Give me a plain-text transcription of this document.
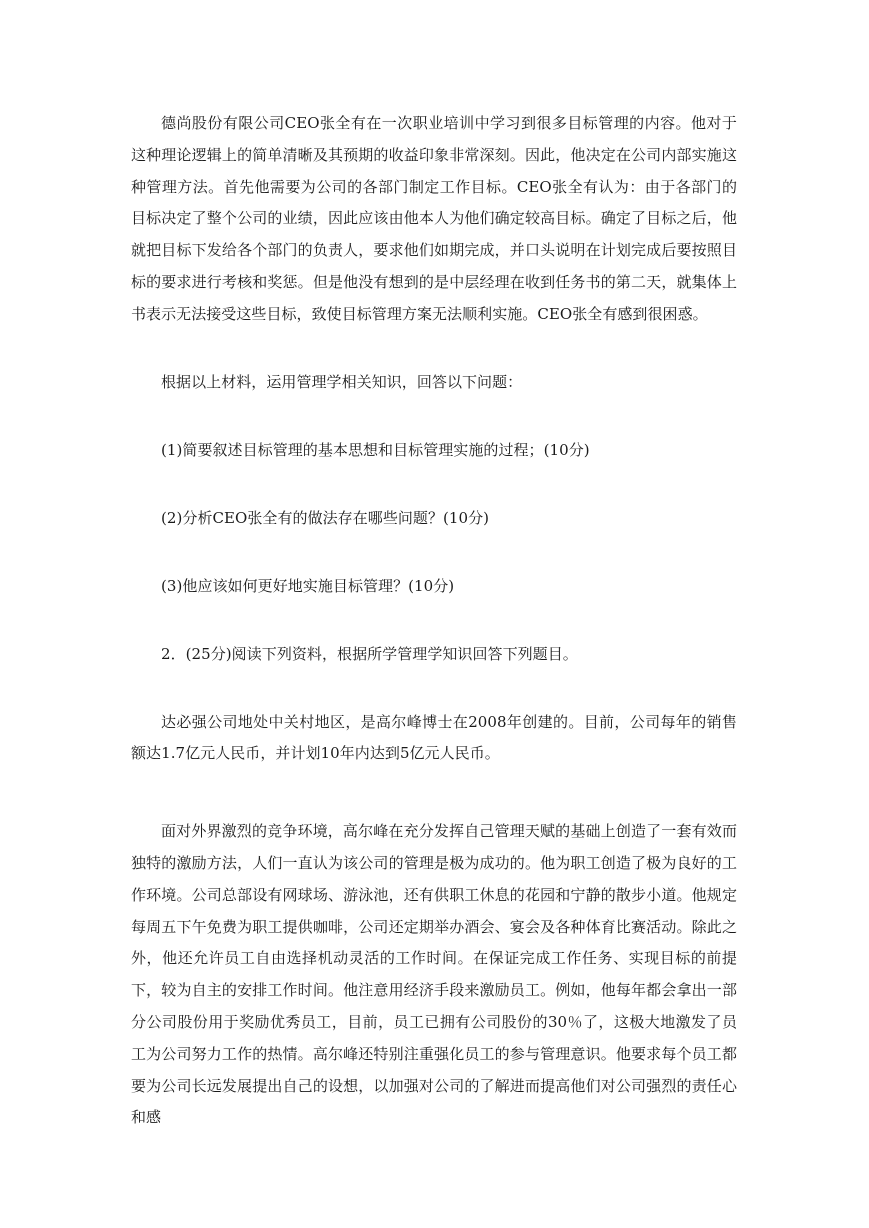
德尚股份有限公司CEO张全有在一次职业培训中学习到很多目标管理的内容。他对于这种理论逻辑上的简单清晰及其预期的收益印象非常深刻。因此，他决定在公司内部实施这种管理方法。首先他需要为公司的各部门制定工作目标。CEO张全有认为：由于各部门的目标决定了整个公司的业绩，因此应该由他本人为他们确定较高目标。确定了目标之后，他就把目标下发给各个部门的负责人，要求他们如期完成，并口头说明在计划完成后要按照目标的要求进行考核和奖惩。但是他没有想到的是中层经理在收到任务书的第二天，就集体上书表示无法接受这些目标，致使目标管理方案无法顺利实施。CEO张全有感到很困惑。

根据以上材料，运用管理学相关知识，回答以下问题：

(1)简要叙述目标管理的基本思想和目标管理实施的过程；(10分)

(2)分析CEO张全有的做法存在哪些问题？(10分)

(3)他应该如何更好地实施目标管理？(10分)

2．(25分)阅读下列资料，根据所学管理学知识回答下列题目。

达必强公司地处中关村地区，是高尔峰博士在2008年创建的。目前，公司每年的销售额达1.7亿元人民币，并计划10年内达到5亿元人民币。

面对外界激烈的竞争环境，高尔峰在充分发挥自己管理天赋的基础上创造了一套有效而独特的激励方法，人们一直认为该公司的管理是极为成功的。他为职工创造了极为良好的工作环境。公司总部设有网球场、游泳池，还有供职工休息的花园和宁静的散步小道。他规定每周五下午免费为职工提供咖啡，公司还定期举办酒会、宴会及各种体育比赛活动。除此之外，他还允许员工自由选择机动灵活的工作时间。在保证完成工作任务、实现目标的前提下，较为自主的安排工作时间。他注意用经济手段来激励员工。例如，他每年都会拿出一部分公司股份用于奖励优秀员工，目前，员工已拥有公司股份的30％了，这极大地激发了员工为公司努力工作的热情。高尔峰还特别注重强化员工的参与管理意识。他要求每个员工都要为公司长远发展提出自己的设想，以加强对公司的了解进而提高他们对公司强烈的责任心和感
